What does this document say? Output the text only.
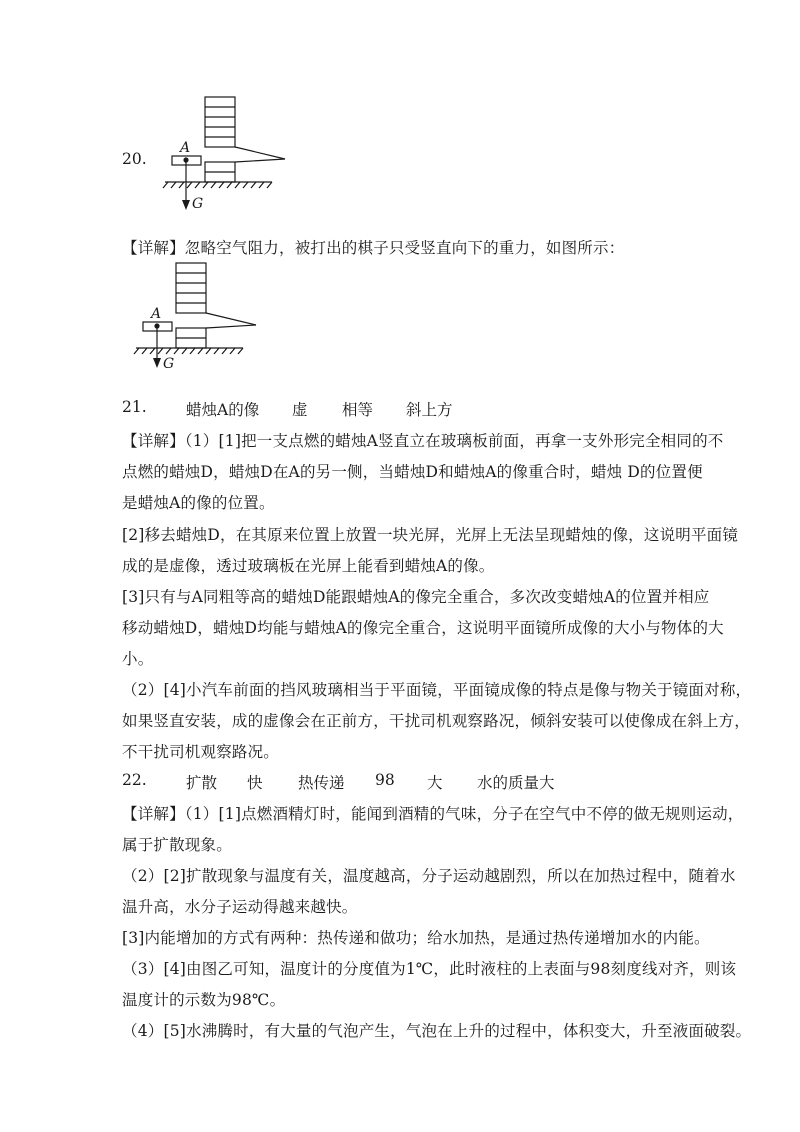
20.
A
G
【详解】忽略空气阻力，被打出的棋子只受竖直向下的重力，如图所示：
A
G
21.	蜡烛A的像 虚 相等 斜上方
【详解】（1）[1]把一支点燃的蜡烛A竖直立在玻璃板前面，再拿一支外形完全相同的不
点燃的蜡烛D，蜡烛D在A的另一侧，当蜡烛D和蜡烛A的像重合时，蜡烛 D的位置便
是蜡烛A的像的位置。
[2]移去蜡烛D，在其原来位置上放置一块光屏，光屏上无法呈现蜡烛的像，这说明平面镜
成的是虚像，透过玻璃板在光屏上能看到蜡烛A的像。
[3]只有与A同粗等高的蜡烛D能跟蜡烛A的像完全重合，多次改变蜡烛A的位置并相应
移动蜡烛D，蜡烛D均能与蜡烛A的像完全重合，这说明平面镜所成像的大小与物体的大
小。
（2）[4]小汽车前面的挡风玻璃相当于平面镜，平面镜成像的特点是像与物关于镜面对称，
如果竖直安装，成的虚像会在正前方，干扰司机观察路况，倾斜安装可以使像成在斜上方，
不干扰司机观察路况。
22.	扩散 快 热传递 98 大 水的质量大
【详解】（1）[1]点燃酒精灯时，能闻到酒精的气味，分子在空气中不停的做无规则运动，
属于扩散现象。
（2）[2]扩散现象与温度有关，温度越高，分子运动越剧烈，所以在加热过程中，随着水
温升高，水分子运动得越来越快。
[3]内能增加的方式有两种：热传递和做功；给水加热，是通过热传递增加水的内能。
（3）[4]由图乙可知，温度计的分度值为1℃，此时液柱的上表面与98刻度线对齐，则该
温度计的示数为98℃。
（4）[5]水沸腾时，有大量的气泡产生，气泡在上升的过程中，体积变大，升至液面破裂。
